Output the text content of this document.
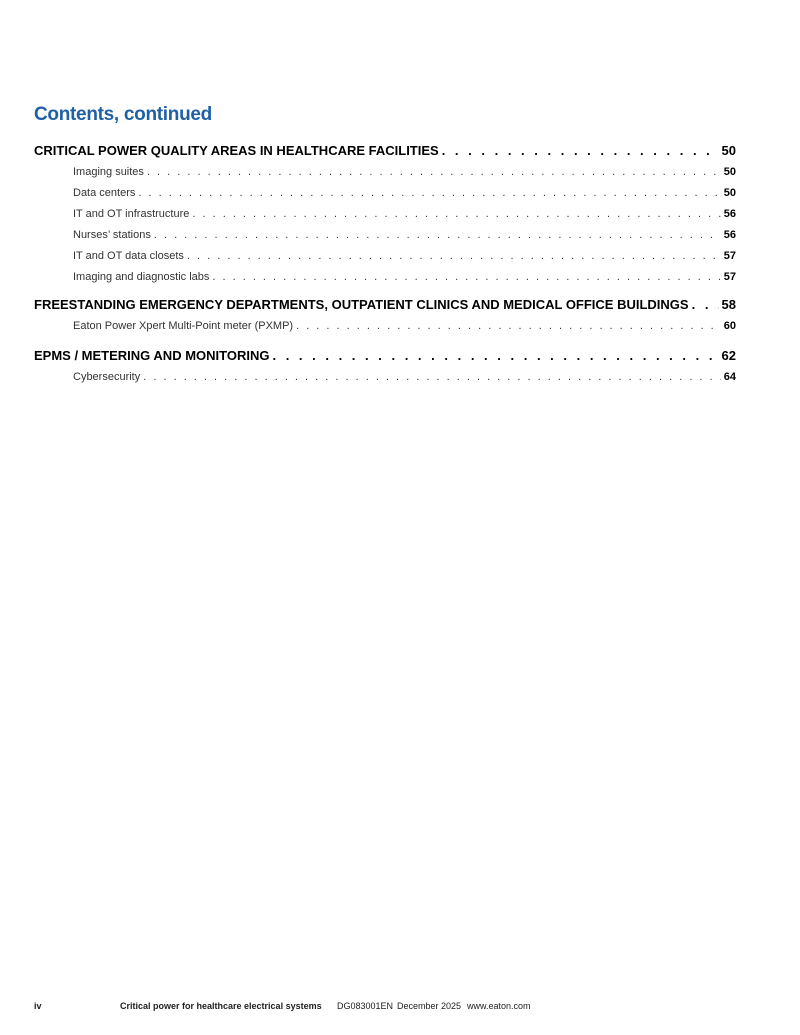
Contents, continued
CRITICAL POWER QUALITY AREAS IN HEALTHCARE FACILITIES . . .	50
Imaging suites . . .	50
Data centers . . .	50
IT and OT infrastructure . . .	56
Nurses’ stations . . .	56
IT and OT data closets . . .	57
Imaging and diagnostic labs . . .	57
FREESTANDING EMERGENCY DEPARTMENTS, OUTPATIENT CLINICS AND MEDICAL OFFICE BUILDINGS . . .	58
Eaton Power Xpert Multi-Point meter (PXMP) . . .	60
EPMS / METERING AND MONITORING . . .	62
Cybersecurity . . .	64
iv	Critical power for healthcare electrical systems DG083001EN December 2025 www.eaton.com
